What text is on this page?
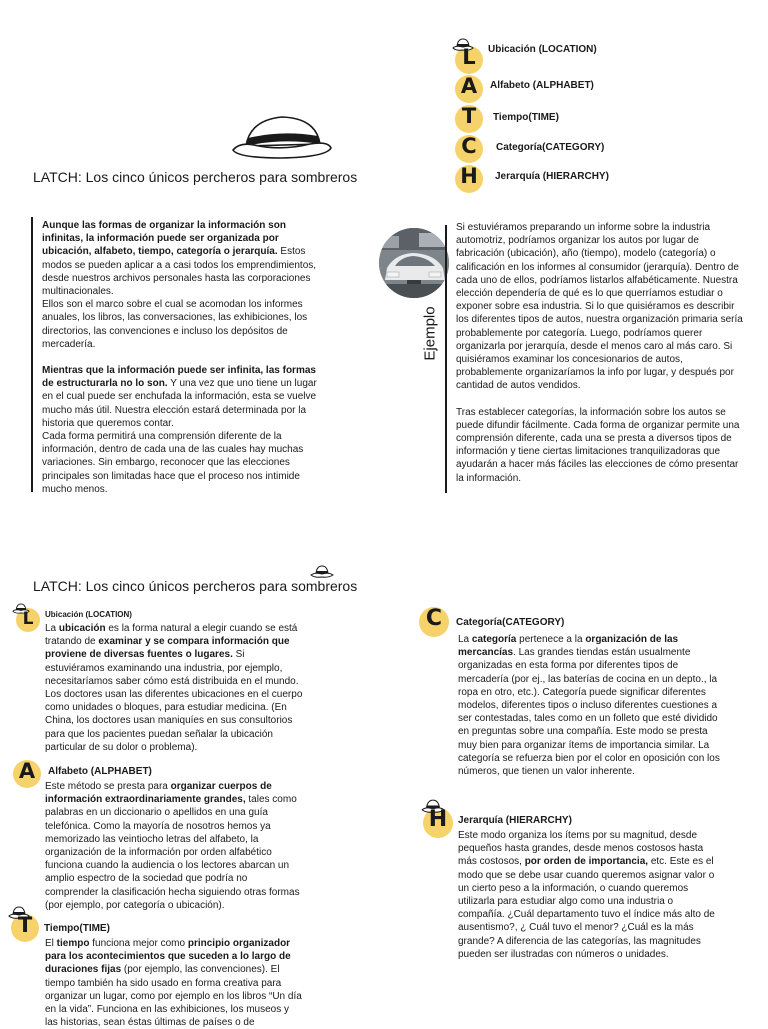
LATCH: Los cinco únicos percheros para sombreros
L	Ubicación (LOCATION)
A	Alfabeto (ALPHABET)
T	Tiempo(TIME)
C	Categoría(CATEGORY)
H	Jerarquía (HIERARCHY)

Aunque las formas de organizar la información son infinitas, la información puede ser organizada por ubicación, alfabeto, tiempo, categoría o jerarquía. Estos modos se pueden aplicar a a casi todos los emprendimientos, desde nuestros archivos personales hasta las corporaciones multinacionales.

Ellos son el marco sobre el cual se acomodan los informes anuales, los libros, las conversaciones, las exhibiciones, los directorios, las convenciones e incluso los depósitos de mercadería.

Mientras que la información puede ser infinita, las formas de estructurarla no lo son. Y una vez que uno tiene un lugar en el cual puede ser enchufada la información, esta se vuelve mucho más útil. Nuestra elección estará determinada por la historia que queremos contar.

Cada forma permitirá una comprensión diferente de la información, dentro de cada una de las cuales hay muchas variaciones. Sin embargo, reconocer que las elecciones principales son limitadas hace que el proceso nos intimide mucho menos.

Ejemplo

Si estuviéramos preparando un informe sobre la industria automotriz, podríamos organizar los autos por lugar de fabricación (ubicación), año (tiempo), modelo (categoría) o calificación en los informes al consumidor (jerarquía). Dentro de cada uno de ellos, podríamos listarlos alfabéticamente. Nuestra elección dependería de qué es lo que querríamos estudiar o exponer sobre esa industria. Si lo que quisiéramos es describir los diferentes tipos de autos, nuestra organización primaria sería probablemente por categoría. Luego, podríamos querer organizarla por jerarquía, desde el menos caro al más caro. Si quisiéramos examinar los concesionarios de autos, probablemente organizaríamos la info por lugar, y después por cantidad de autos vendidos.

Tras establecer categorías, la información sobre los autos se puede difundir fácilmente. Cada forma de organizar permite una comprensión diferente, cada una se presta a diversos tipos de información y tiene ciertas limitaciones tranquilizadoras que ayudarán a hacer más fáciles las elecciones de cómo presentar la información.

LATCH: Los cinco únicos percheros para sombreros
L	Ubicación (LOCATION)

La ubicación es la forma natural a elegir cuando se está tratando de examinar y se compara información que proviene de diversas fuentes o lugares. Si estuviéramos examinando una industria, por ejemplo, necesitaríamos saber cómo está distribuida en el mundo. Los doctores usan las diferentes ubicaciones en el cuerpo como unidades o bloques, para estudiar medicina. (En China, los doctores usan maniquíes en sus consultorios para que los pacientes puedan señalar la ubicación particular de su dolor o problema).

A	Alfabeto (ALPHABET)

Este método se presta para organizar cuerpos de información extraordinariamente grandes, tales como palabras en un diccionario o apellidos en una guía telefónica. Como la mayoría de nosotros hemos ya memorizado las veintiocho letras del alfabeto, la organización de la información por orden alfabético funciona cuando la audiencia o los lectores abarcan un amplio espectro de la sociedad que podría no comprender la clasificación hecha siguiendo otras formas (por ejemplo, por categoría o ubicación).

T	Tiempo(TIME)

El tiempo funciona mejor como principio organizador para los acontecimientos que suceden a lo largo de duraciones fijas (por ejemplo, las convenciones). El tiempo también ha sido usado en forma creativa para organizar un lugar, como por ejemplo en los libros “Un día en la vida”. Funciona en las exhibiciones, los museos y las historias, sean éstas últimas de países o de

C	Categoría(CATEGORY)

La categoría pertenece a la organización de las mercancías. Las grandes tiendas están usualmente organizadas en esta forma por diferentes tipos de mercadería (por ej., las baterías de cocina en un depto., la ropa en otro, etc.). Categoría puede significar diferentes modelos, diferentes tipos o incluso diferentes cuestiones a ser contestadas, tales como en un folleto que esté dividido en preguntas sobre una compañía. Este modo se presta muy bien para organizar ítems de importancia similar. La categoría se refuerza bien por el color en oposición con los números, que tienen un valor inherente.

H	Jerarquía (HIERARCHY)

Este modo organiza los ítems por su magnitud, desde pequeños hasta grandes, desde menos costosos hasta más costosos, por orden de importancia, etc. Este es el modo que se debe usar cuando queremos asignar valor o un cierto peso a la información, o cuando queremos utilizarla para estudiar algo como una industria o compañía. ¿Cuál departamento tuvo el índice más alto de ausentismo?, ¿ Cuál tuvo el menor? ¿Cuál es la más grande? A diferencia de las categorías, las magnitudes pueden ser ilustradas con números o unidades.
